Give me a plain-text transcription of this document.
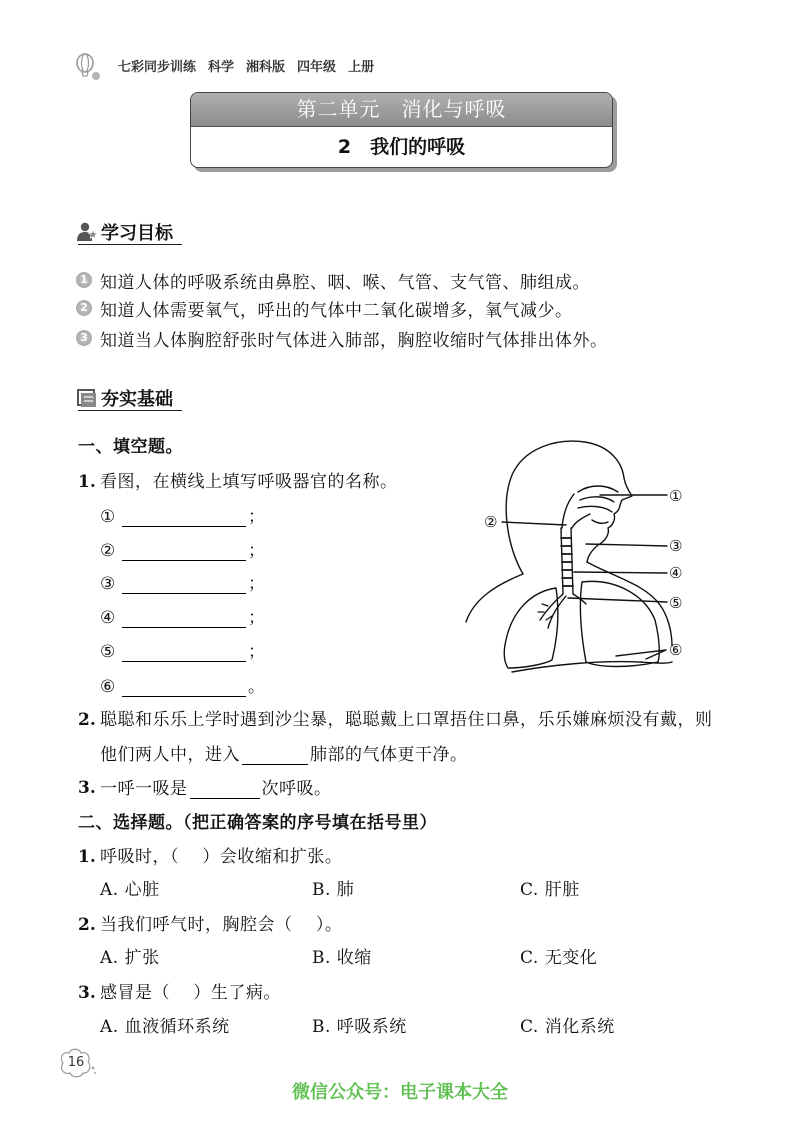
七彩同步训练 科学 湘科版 四年级 上册
第二单元　消化与呼吸
2　我们的呼吸
学习目标
1 知道人体的呼吸系统由鼻腔、咽、喉、气管、支气管、肺组成。
2 知道人体需要氧气，呼出的气体中二氧化碳增多，氧气减少。
3 知道当人体胸腔舒张时气体进入肺部，胸腔收缩时气体排出体外。
夯实基础
一、填空题。
1. 看图，在横线上填写呼吸器官的名称。
①	；
②	；
③	；
④	；
⑤	；
⑥	。
①
②
③
④
⑤
⑥
2. 聪聪和乐乐上学时遇到沙尘暴，聪聪戴上口罩捂住口鼻，乐乐嫌麻烦没有戴，则
他们两人中，进入	肺部的气体更干净。
3. 一呼一吸是	次呼吸。
二、选择题。（把正确答案的序号填在括号里）
1. 呼吸时，（　 ）会收缩和扩张。
A. 心脏	B. 肺	C. 肝脏
2. 当我们呼气时，胸腔会（　 ）。
A. 扩张	B. 收缩	C. 无变化
3. 感冒是（　 ）生了病。
A. 血液循环系统	B. 呼吸系统	C. 消化系统
16
微信公众号：电子课本大全
